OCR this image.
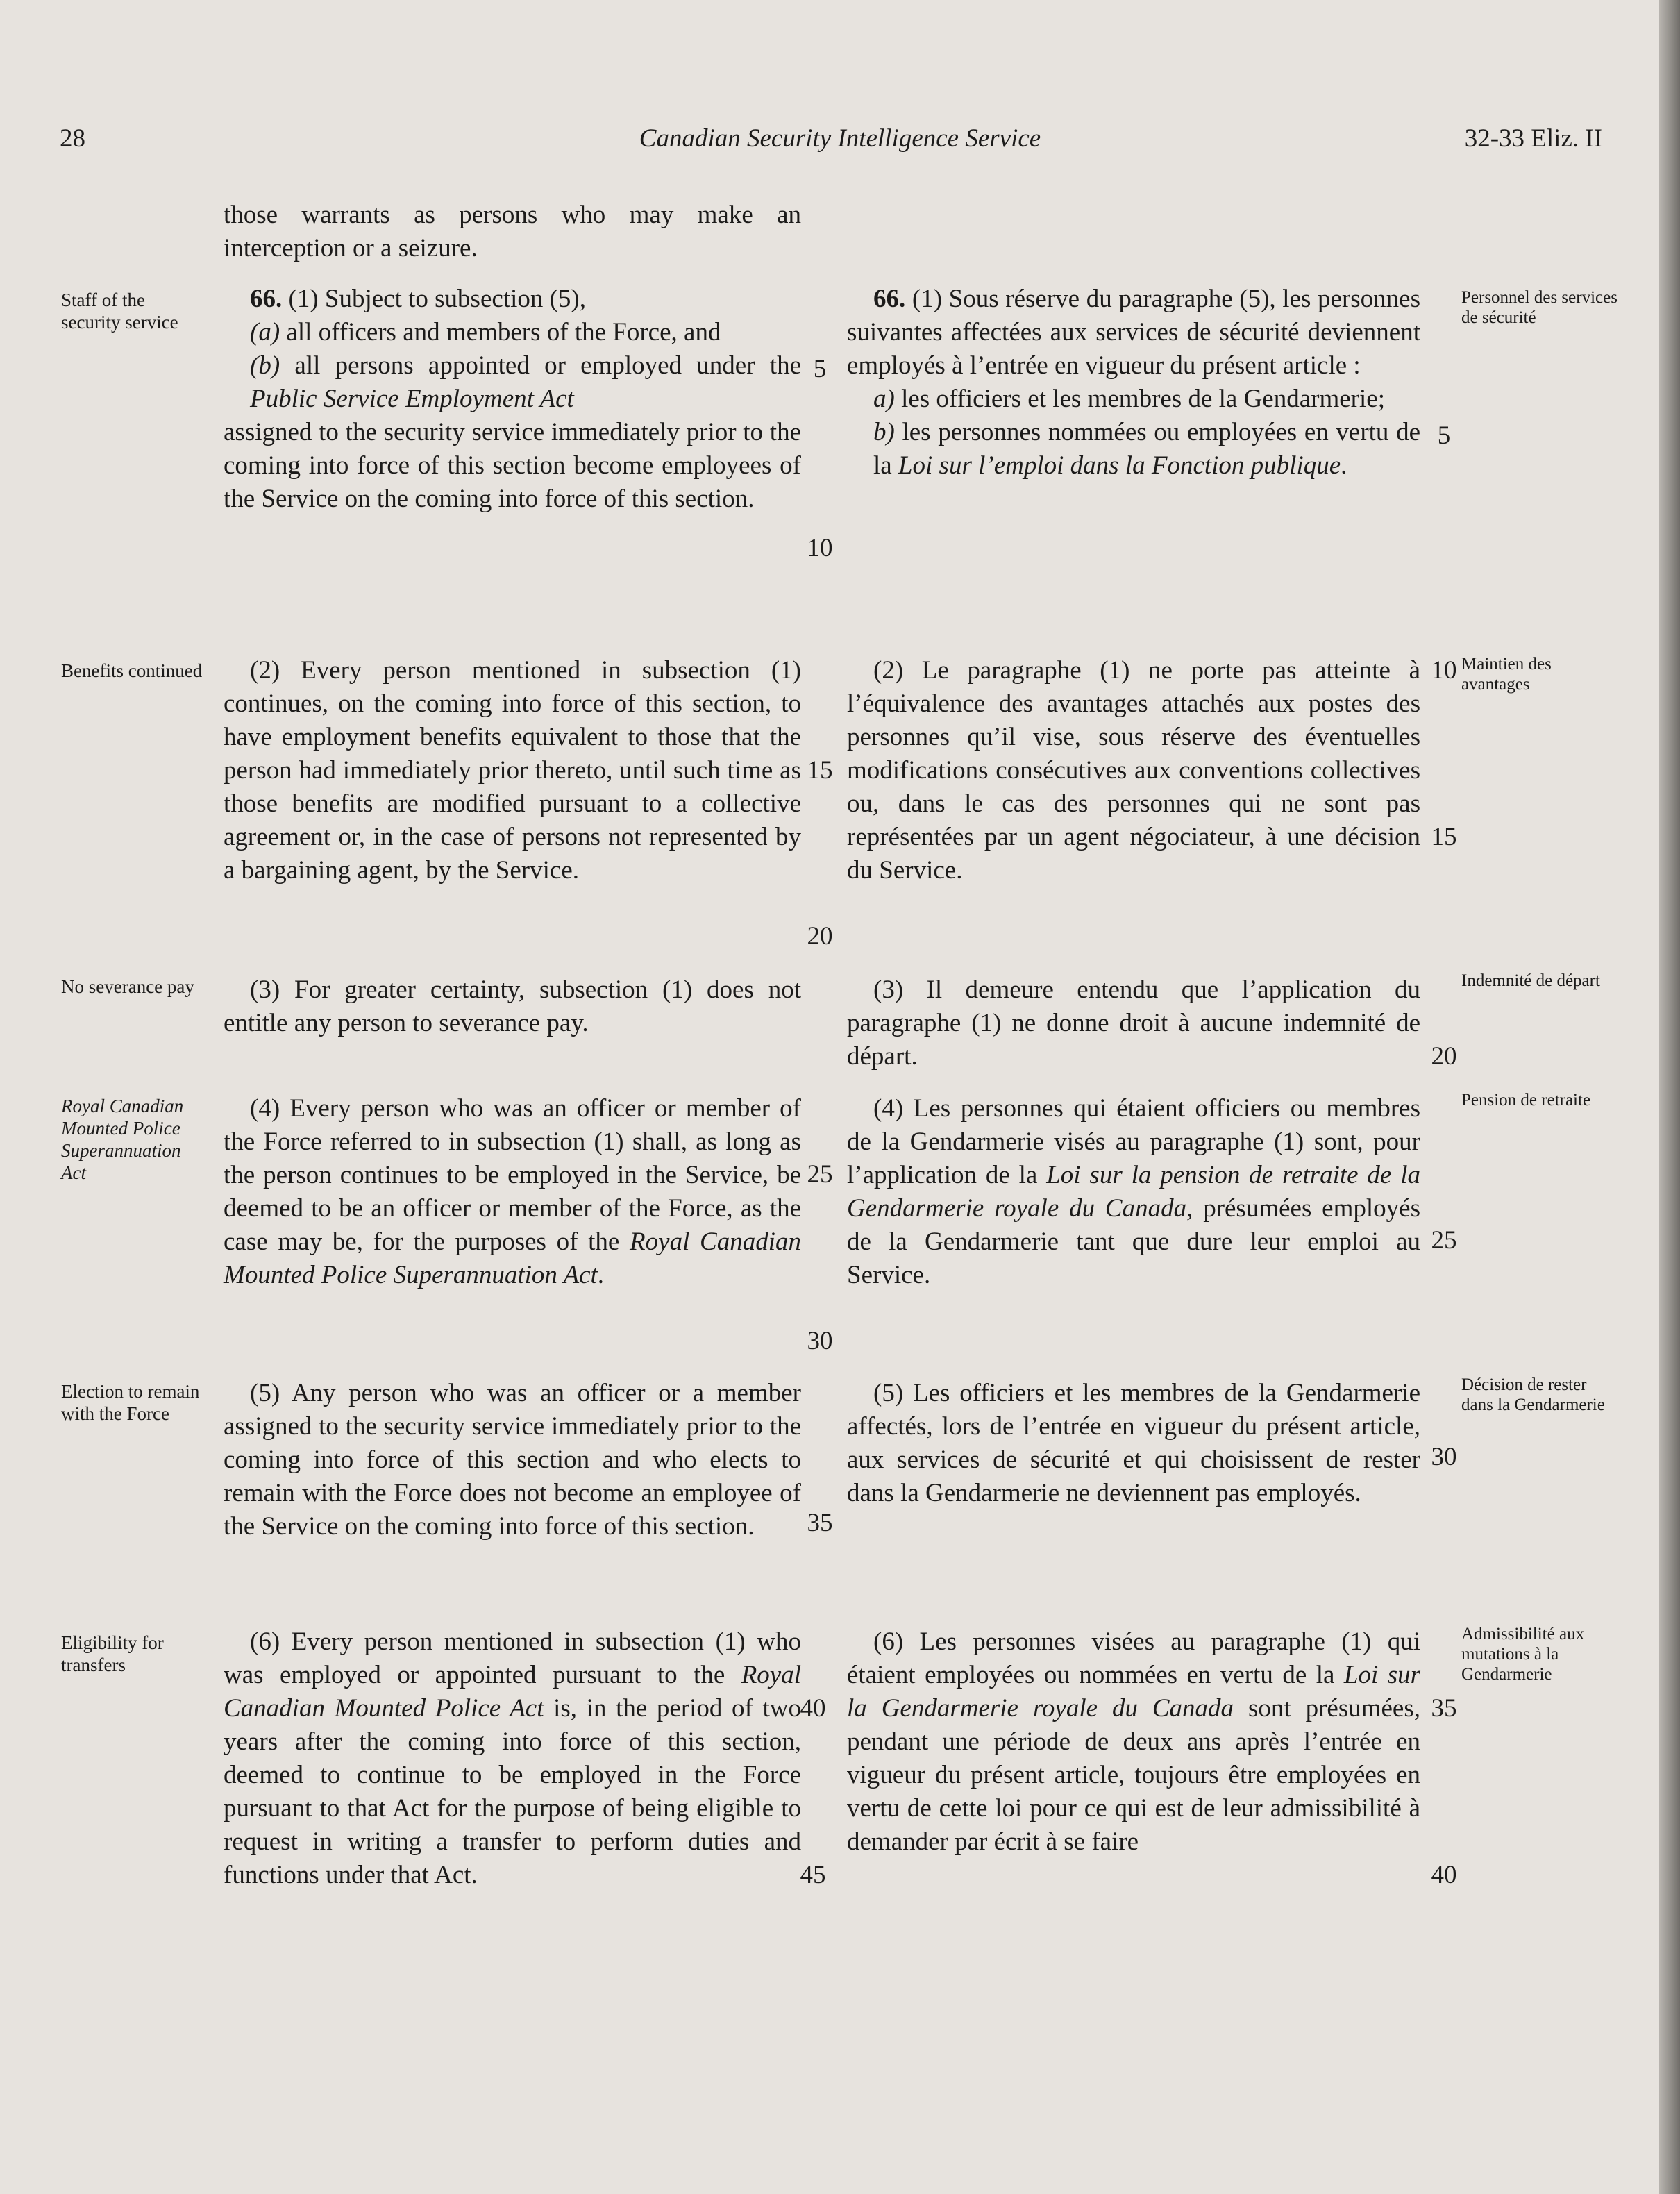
28	Canadian Security Intelligence Service	32-33 Eliz. II

those warrants as persons who may make an interception or a seizure.

66. (1) Subject to subsection (5),

(a) all officers and members of the Force, and

(b) all persons appointed or employed under the Public Service Employment Act

assigned to the security service immediately prior to the coming into force of this section become employees of the Service on the coming into force of this section.

(2) Every person mentioned in subsection (1) continues, on the coming into force of this section, to have employment benefits equivalent to those that the person had immediately prior thereto, until such time as those benefits are modified pursuant to a collective agreement or, in the case of persons not represented by a bargaining agent, by the Service.

(3) For greater certainty, subsection (1) does not entitle any person to severance pay.

(4) Every person who was an officer or member of the Force referred to in subsection (1) shall, as long as the person continues to be employed in the Service, be deemed to be an officer or member of the Force, as the case may be, for the purposes of the Royal Canadian Mounted Police Superannuation Act.

(5) Any person who was an officer or a member assigned to the security service immediately prior to the coming into force of this section and who elects to remain with the Force does not become an employee of the Service on the coming into force of this section.

(6) Every person mentioned in subsection (1) who was employed or appointed pursuant to the Royal Canadian Mounted Police Act is, in the period of two years after the coming into force of this section, deemed to continue to be employed in the Force pursuant to that Act for the purpose of being eligible to request in writing a transfer to perform duties and functions under that Act.

66. (1) Sous réserve du paragraphe (5), les personnes suivantes affectées aux services de sécurité deviennent employés à l’entrée en vigueur du présent article :

a) les officiers et les membres de la Gendarmerie;

b) les personnes nommées ou employées en vertu de la Loi sur l’emploi dans la Fonction publique.

(2) Le paragraphe (1) ne porte pas atteinte à l’équivalence des avantages attachés aux postes des personnes qu’il vise, sous réserve des éventuelles modifications consécutives aux conventions collectives ou, dans le cas des personnes qui ne sont pas représentées par un agent négociateur, à une décision du Service.

(3) Il demeure entendu que l’application du paragraphe (1) ne donne droit à aucune indemnité de départ.

(4) Les personnes qui étaient officiers ou membres de la Gendarmerie visés au paragraphe (1) sont, pour l’application de la Loi sur la pension de retraite de la Gendarmerie royale du Canada, présumées employés de la Gendarmerie tant que dure leur emploi au Service.

(5) Les officiers et les membres de la Gendarmerie affectés, lors de l’entrée en vigueur du présent article, aux services de sécurité et qui choisissent de rester dans la Gendarmerie ne deviennent pas employés.

(6) Les personnes visées au paragraphe (1) qui étaient employées ou nommées en vertu de la Loi sur la Gendarmerie royale du Canada sont présumées, pendant une période de deux ans après l’entrée en vigueur du présent article, toujours être employées en vertu de cette loi pour ce qui est de leur admissibilité à demander par écrit à se faire

Staff of the security service
Benefits continued
No severance pay
Royal Canadian Mounted Police Superannuation Act
Election to remain with the Force
Eligibility for transfers
Personnel des services de sécurité
Maintien des avantages
Indemnité de départ
Pension de retraite
Décision de rester dans la Gendarmerie
Admissibilité aux mutations à la Gendarmerie
5
10
15
20
25
30
35
40
45
5
10
15
20
25
30
35
40
